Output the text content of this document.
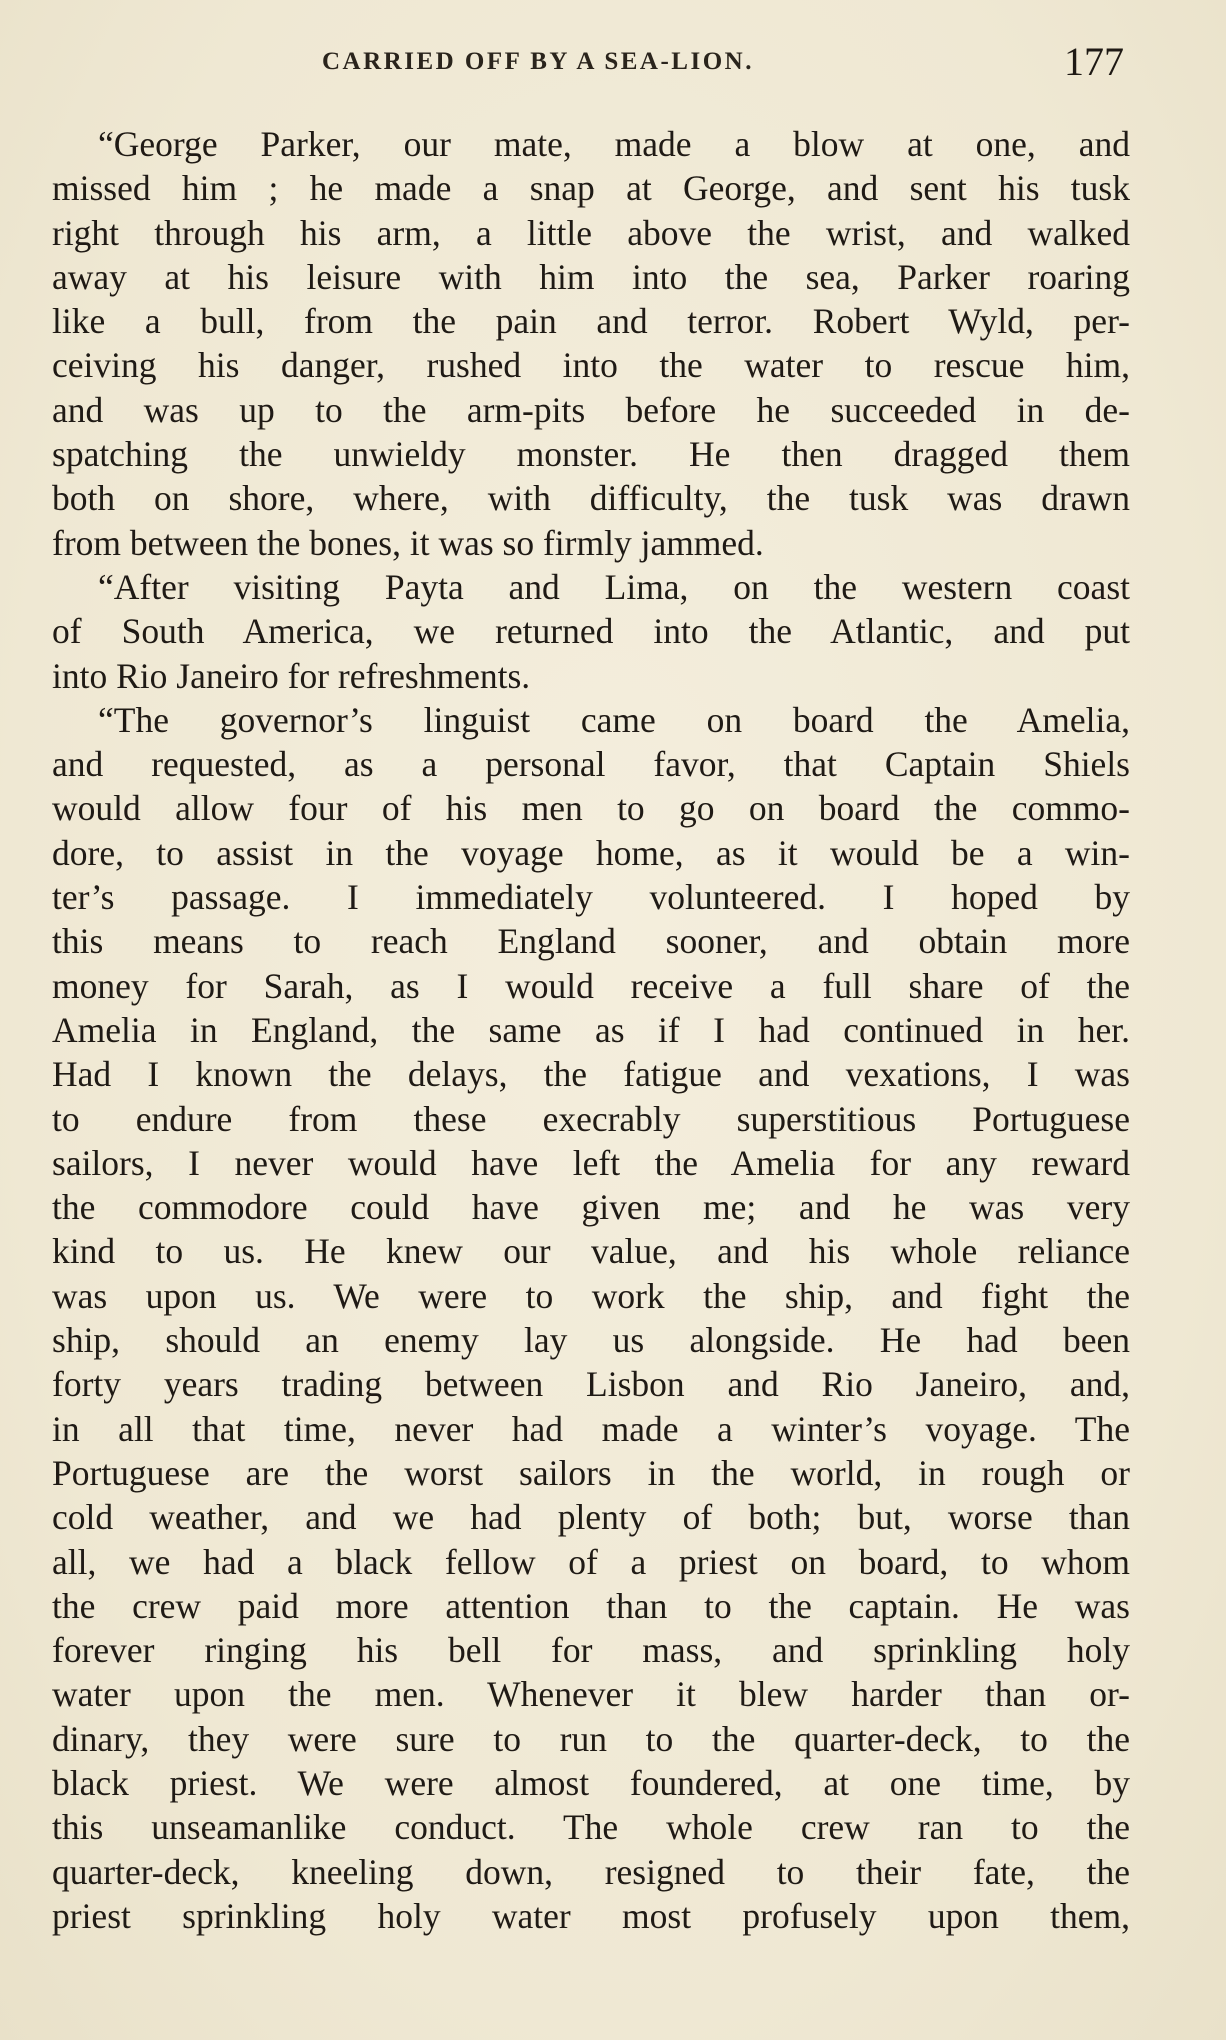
CARRIED OFF BY A SEA-LION.	177
“George Parker, our mate, made a blow at one, and
missed him ; he made a snap at George, and sent his tusk
right through his arm, a little above the wrist, and walked
away at his leisure with him into the sea, Parker roaring
like a bull, from the pain and terror. Robert Wyld, per-
ceiving his danger, rushed into the water to rescue him,
and was up to the arm-pits before he succeeded in de-
spatching the unwieldy monster. He then dragged them
both on shore, where, with difficulty, the tusk was drawn
from between the bones, it was so firmly jammed.
“After visiting Payta and Lima, on the western coast
of South America, we returned into the Atlantic, and put
into Rio Janeiro for refreshments.
“The governor’s linguist came on board the Amelia,
and requested, as a personal favor, that Captain Shiels
would allow four of his men to go on board the commo-
dore, to assist in the voyage home, as it would be a win-
ter’s passage. I immediately volunteered. I hoped by
this means to reach England sooner, and obtain more
money for Sarah, as I would receive a full share of the
Amelia in England, the same as if I had continued in her.
Had I known the delays, the fatigue and vexations, I was
to endure from these execrably superstitious Portuguese
sailors, I never would have left the Amelia for any reward
the commodore could have given me; and he was very
kind to us. He knew our value, and his whole reliance
was upon us. We were to work the ship, and fight the
ship, should an enemy lay us alongside. He had been
forty years trading between Lisbon and Rio Janeiro, and,
in all that time, never had made a winter’s voyage. The
Portuguese are the worst sailors in the world, in rough or
cold weather, and we had plenty of both; but, worse than
all, we had a black fellow of a priest on board, to whom
the crew paid more attention than to the captain. He was
forever ringing his bell for mass, and sprinkling holy
water upon the men. Whenever it blew harder than or-
dinary, they were sure to run to the quarter-deck, to the
black priest. We were almost foundered, at one time, by
this unseamanlike conduct. The whole crew ran to the
quarter-deck, kneeling down, resigned to their fate, the
priest sprinkling holy water most profusely upon them,
